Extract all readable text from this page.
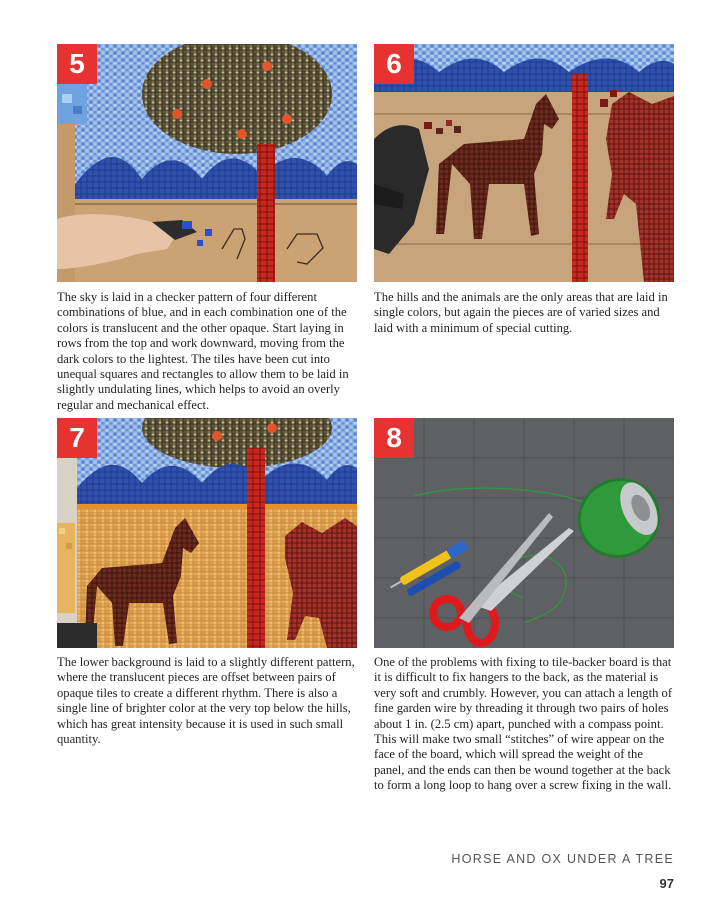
5

The sky is laid in a checker pattern of four different combinations of blue, and in each combination one of the colors is translucent and the other opaque. Start laying in rows from the top and work downward, moving from the dark colors to the lightest. The tiles have been cut into unequal squares and rectangles to allow them to be laid in slightly undulating lines, which helps to avoid an overly regular and mechanical effect.

6

The hills and the animals are the only areas that are laid in single colors, but again the pieces are of varied sizes and laid with a minimum of special cutting.

7

The lower background is laid to a slightly different pattern, where the translucent pieces are offset between pairs of opaque tiles to create a different rhythm. There is also a single line of brighter color at the very top below the hills, which has great intensity because it is used in such small quantity.

8

One of the problems with fixing to tile-backer board is that it is difficult to fix hangers to the back, as the material is very soft and crumbly. However, you can attach a length of fine garden wire by threading it through two pairs of holes about 1 in. (2.5 cm) apart, punched with a compass point. This will make two small “stitches” of wire appear on the face of the board, which will spread the weight of the panel, and the ends can then be wound together at the back to form a long loop to hang over a screw fixing in the wall.

HORSE AND OX UNDER A TREE
97
